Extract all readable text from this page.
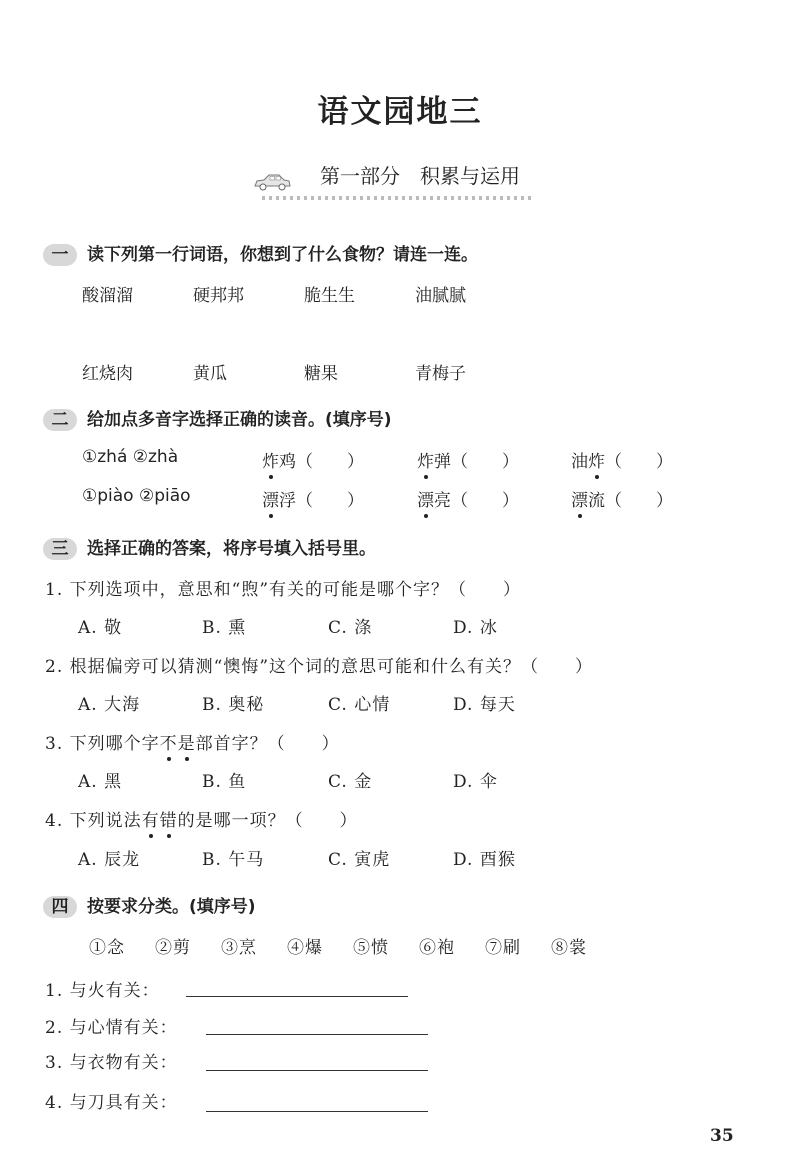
语文园地三
第一部分　积累与运用
一 读下列第一行词语，你想到了什么食物？请连一连。
酸溜溜	硬邦邦	脆生生	油腻腻
红烧肉	黄瓜	糖果	青梅子
二 给加点多音字选择正确的读音。(填序号)
①zhá ②zhà	炸鸡（　　）	炸弹（　　）	油炸（　　）
①piào ②piāo	漂浮（　　）	漂亮（　　）	漂流（　　）
三 选择正确的答案，将序号填入括号里。
1. 下列选项中，意思和“煦”有关的可能是哪个字？（　　）
A. 敬	B. 熏	C. 涤	D. 冰
2. 根据偏旁可以猜测“懊悔”这个词的意思可能和什么有关？（　　）
A. 大海	B. 奥秘	C. 心情	D. 每天
3. 下列哪个字不是部首字？（　　）
A. 黑	B. 鱼	C. 金	D. 伞
4. 下列说法有错的是哪一项？（　　）
A. 辰龙	B. 午马	C. 寅虎	D. 酉猴
四 按要求分类。(填序号)
①念 ②剪 ③烹 ④爆 ⑤愤 ⑥袍 ⑦刷 ⑧裳
1. 与火有关：
2. 与心情有关：
3. 与衣物有关：
4. 与刀具有关：
35
